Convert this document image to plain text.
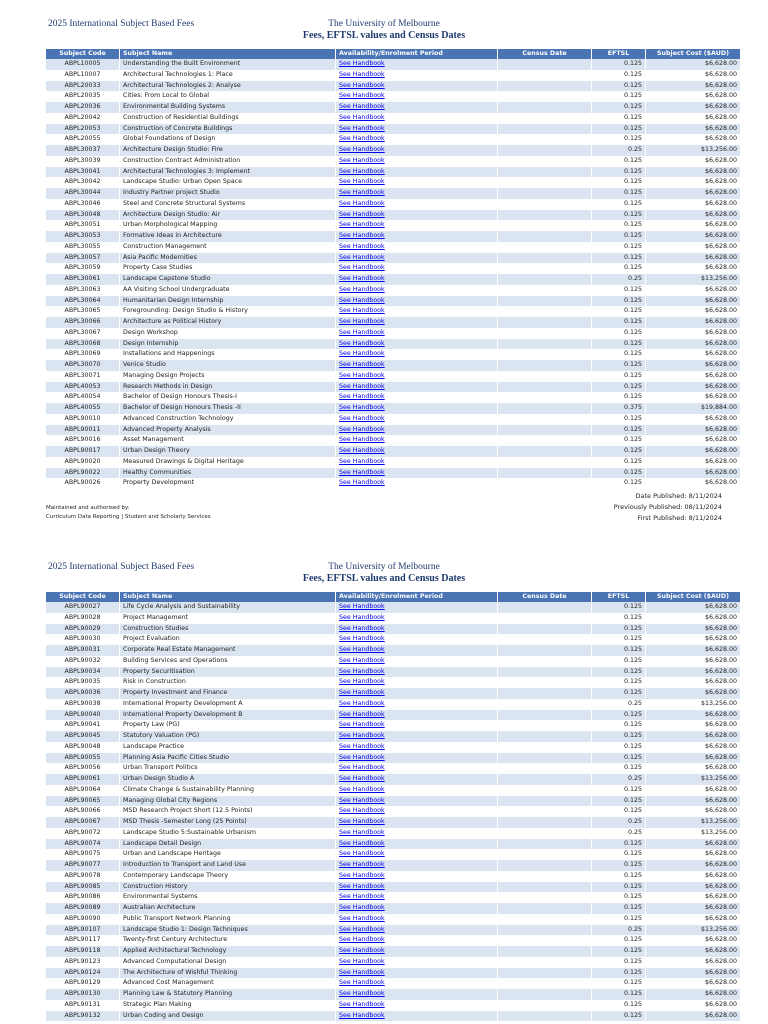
2025 International Subject Based Fees	The University of Melbourne
Fees, EFTSL values and Census Dates
Subject Code	Subject Name	Availability/Enrolment Period	Census Date	EFTSL	Subject Cost ($AUD)
ABPL10005	Understanding the Built Environment	See Handbook		0.125	$6,628.00
ABPL10007	Architectural Technologies 1: Place	See Handbook		0.125	$6,628.00
ABPL20033	Architectural Technologies 2: Analyse	See Handbook		0.125	$6,628.00
ABPL20035	Cities: From Local to Global	See Handbook		0.125	$6,628.00
ABPL20036	Environmental Building Systems	See Handbook		0.125	$6,628.00
ABPL20042	Construction of Residential Buildings	See Handbook		0.125	$6,628.00
ABPL20053	Construction of Concrete Buildings	See Handbook		0.125	$6,628.00
ABPL20055	Global Foundations of Design	See Handbook		0.125	$6,628.00
ABPL30037	Architecture Design Studio: Fire	See Handbook		0.25	$13,256.00
ABPL30039	Construction Contract Administration	See Handbook		0.125	$6,628.00
ABPL30041	Architectural Technologies 3: Implement	See Handbook		0.125	$6,628.00
ABPL30042	Landscape Studio: Urban Open Space	See Handbook		0.125	$6,628.00
ABPL30044	Industry Partner project Studio	See Handbook		0.125	$6,628.00
ABPL30046	Steel and Concrete Structural Systems	See Handbook		0.125	$6,628.00
ABPL30048	Architecture Design Studio: Air	See Handbook		0.125	$6,628.00
ABPL30051	Urban Morphological Mapping	See Handbook		0.125	$6,628.00
ABPL30053	Formative Ideas in Architecture	See Handbook		0.125	$6,628.00
ABPL30055	Construction Management	See Handbook		0.125	$6,628.00
ABPL30057	Asia Pacific Modernities	See Handbook		0.125	$6,628.00
ABPL30059	Property Case Studies	See Handbook		0.125	$6,628.00
ABPL30061	Landscape Capstone Studio	See Handbook		0.25	$13,256.00
ABPL30063	AA Visiting School Undergraduate	See Handbook		0.125	$6,628.00
ABPL30064	Humanitarian Design Internship	See Handbook		0.125	$6,628.00
ABPL30065	Foregrounding: Design Studio & History	See Handbook		0.125	$6,628.00
ABPL30066	Architecture as Political History	See Handbook		0.125	$6,628.00
ABPL30067	Design Workshop	See Handbook		0.125	$6,628.00
ABPL30068	Design Internship	See Handbook		0.125	$6,628.00
ABPL30069	Installations and Happenings	See Handbook		0.125	$6,628.00
ABPL30070	Venice Studio	See Handbook		0.125	$6,628.00
ABPL30071	Managing Design Projects	See Handbook		0.125	$6,628.00
ABPL40053	Research Methods in Design	See Handbook		0.125	$6,628.00
ABPL40054	Bachelor of Design Honours Thesis-I	See Handbook		0.125	$6,628.00
ABPL40055	Bachelor of Design Honours Thesis -II	See Handbook		0.375	$19,884.00
ABPL90010	Advanced Construction Technology	See Handbook		0.125	$6,628.00
ABPL90011	Advanced Property Analysis	See Handbook		0.125	$6,628.00
ABPL90016	Asset Management	See Handbook		0.125	$6,628.00
ABPL90017	Urban Design Theory	See Handbook		0.125	$6,628.00
ABPL90020	Measured Drawings & Digital Heritage	See Handbook		0.125	$6,628.00
ABPL90022	Healthy Communities	See Handbook		0.125	$6,628.00
ABPL90026	Property Development	See Handbook		0.125	$6,628.00
Date Published: 8/11/2024
Previously Published: 08/11/2024
First Published: 8/11/2024
Maintained and authorised by:
Curriculum Data Reporting | Student and Scholarly Services
2025 International Subject Based Fees	The University of Melbourne
Fees, EFTSL values and Census Dates
Subject Code	Subject Name	Availability/Enrolment Period	Census Date	EFTSL	Subject Cost ($AUD)
ABPL90027	Life Cycle Analysis and Sustainability	See Handbook		0.125	$6,628.00
ABPL90028	Project Management	See Handbook		0.125	$6,628.00
ABPL90029	Construction Studies	See Handbook		0.125	$6,628.00
ABPL90030	Project Evaluation	See Handbook		0.125	$6,628.00
ABPL90031	Corporate Real Estate Management	See Handbook		0.125	$6,628.00
ABPL90032	Building Services and Operations	See Handbook		0.125	$6,628.00
ABPL90034	Property Securitisation	See Handbook		0.125	$6,628.00
ABPL90035	Risk in Construction	See Handbook		0.125	$6,628.00
ABPL90036	Property Investment and Finance	See Handbook		0.125	$6,628.00
ABPL90038	International Property Development A	See Handbook		0.25	$13,256.00
ABPL90040	International Property Development B	See Handbook		0.125	$6,628.00
ABPL90041	Property Law (PG)	See Handbook		0.125	$6,628.00
ABPL90045	Statutory Valuation (PG)	See Handbook		0.125	$6,628.00
ABPL90048	Landscape Practice	See Handbook		0.125	$6,628.00
ABPL90055	Planning Asia Pacific Cities Studio	See Handbook		0.125	$6,628.00
ABPL90056	Urban Transport Politics	See Handbook		0.125	$6,628.00
ABPL90061	Urban Design Studio A	See Handbook		0.25	$13,256.00
ABPL90064	Climate Change & Sustainability Planning	See Handbook		0.125	$6,628.00
ABPL90065	Managing Global City Regions	See Handbook		0.125	$6,628.00
ABPL90066	MSD Research Project Short (12.5 Points)	See Handbook		0.125	$6,628.00
ABPL90067	MSD Thesis -Semester Long (25 Points)	See Handbook		0.25	$13,256.00
ABPL90072	Landscape Studio 5:Sustainable Urbanism	See Handbook		0.25	$13,256.00
ABPL90074	Landscape Detail Design	See Handbook		0.125	$6,628.00
ABPL90075	Urban and Landscape Heritage	See Handbook		0.125	$6,628.00
ABPL90077	Introduction to Transport and Land Use	See Handbook		0.125	$6,628.00
ABPL90078	Contemporary Landscape Theory	See Handbook		0.125	$6,628.00
ABPL90085	Construction History	See Handbook		0.125	$6,628.00
ABPL90086	Environmental Systems	See Handbook		0.125	$6,628.00
ABPL90089	Australian Architecture	See Handbook		0.125	$6,628.00
ABPL90090	Public Transport Network Planning	See Handbook		0.125	$6,628.00
ABPL90107	Landscape Studio 1: Design Techniques	See Handbook		0.25	$13,256.00
ABPL90117	Twenty-first Century Architecture	See Handbook		0.125	$6,628.00
ABPL90118	Applied Architectural Technology	See Handbook		0.125	$6,628.00
ABPL90123	Advanced Computational Design	See Handbook		0.125	$6,628.00
ABPL90124	The Architecture of Wishful Thinking	See Handbook		0.125	$6,628.00
ABPL90129	Advanced Cost Management	See Handbook		0.125	$6,628.00
ABPL90130	Planning Law & Statutory Planning	See Handbook		0.125	$6,628.00
ABPL90131	Strategic Plan Making	See Handbook		0.125	$6,628.00
ABPL90132	Urban Coding and Design	See Handbook		0.125	$6,628.00
